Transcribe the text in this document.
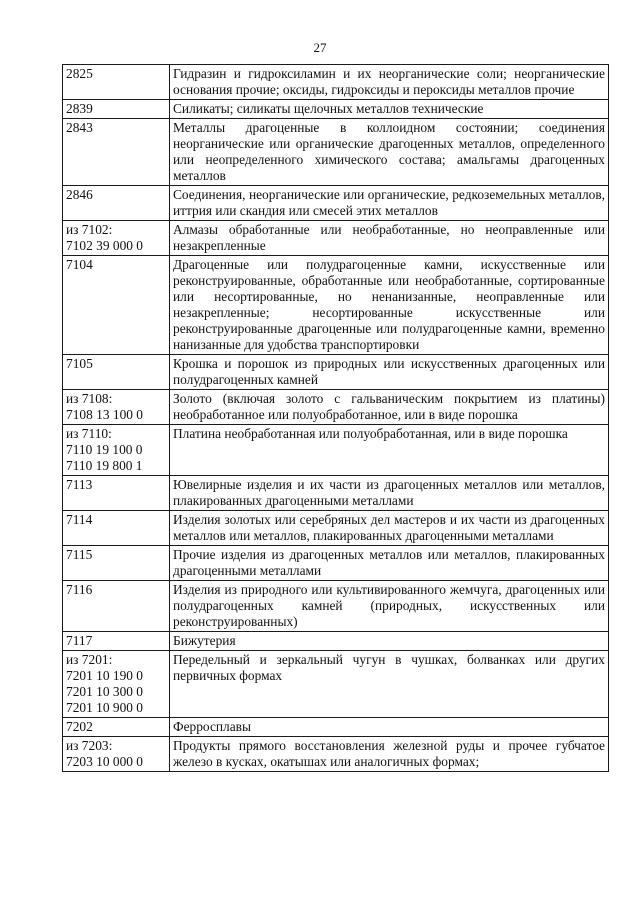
27
2825	Гидразин и гидроксиламин и их неорганические соли; неорганические основания прочие; оксиды, гидроксиды и пероксиды металлов прочие

2839	Силикаты; силикаты щелочных металлов технические

2843	Металлы драгоценные в коллоидном состоянии; соединения неорганические или органические драгоценных металлов, определенного или неопределенного химического состава; амальгамы драгоценных металлов

2846	Соединения, неорганические или органические, редкоземельных металлов, иттрия или скандия или смесей этих металлов

из 7102:
7102 39 000 0	Алмазы обработанные или необработанные, но неоправленные или незакрепленные

7104	Драгоценные или полудрагоценные камни, искусственные или реконструированные, обработанные или необработанные, сортированные или несортированные, но ненанизанные, неоправленные или незакрепленные; несортированные искусственные или реконструированные драгоценные или полудрагоценные камни, временно нанизанные для удобства транспортировки

7105	Крошка и порошок из природных или искусственных драгоценных или полудрагоценных камней

из 7108:
7108 13 100 0	Золото (включая золото с гальваническим покрытием из платины) необработанное или полуобработанное, или в виде порошка

из 7110:
7110 19 100 0
7110 19 800 1	Платина необработанная или полуобработанная, или в виде порошка

7113	Ювелирные изделия и их части из драгоценных металлов или металлов, плакированных драгоценными металлами

7114	Изделия золотых или серебряных дел мастеров и их части из драгоценных металлов или металлов, плакированных драгоценными металлами

7115	Прочие изделия из драгоценных металлов или металлов, плакированных драгоценными металлами

7116	Изделия из природного или культивированного жемчуга, драгоценных или полудрагоценных камней (природных, искусственных или реконструированных)

7117	Бижутерия

из 7201:
7201 10 190 0
7201 10 300 0
7201 10 900 0	Передельный и зеркальный чугун в чушках, болванках или других первичных формах

7202	Ферросплавы

из 7203:
7203 10 000 0	Продукты прямого восстановления железной руды и прочее губчатое железо в кусках, окатышах или аналогичных формах;
